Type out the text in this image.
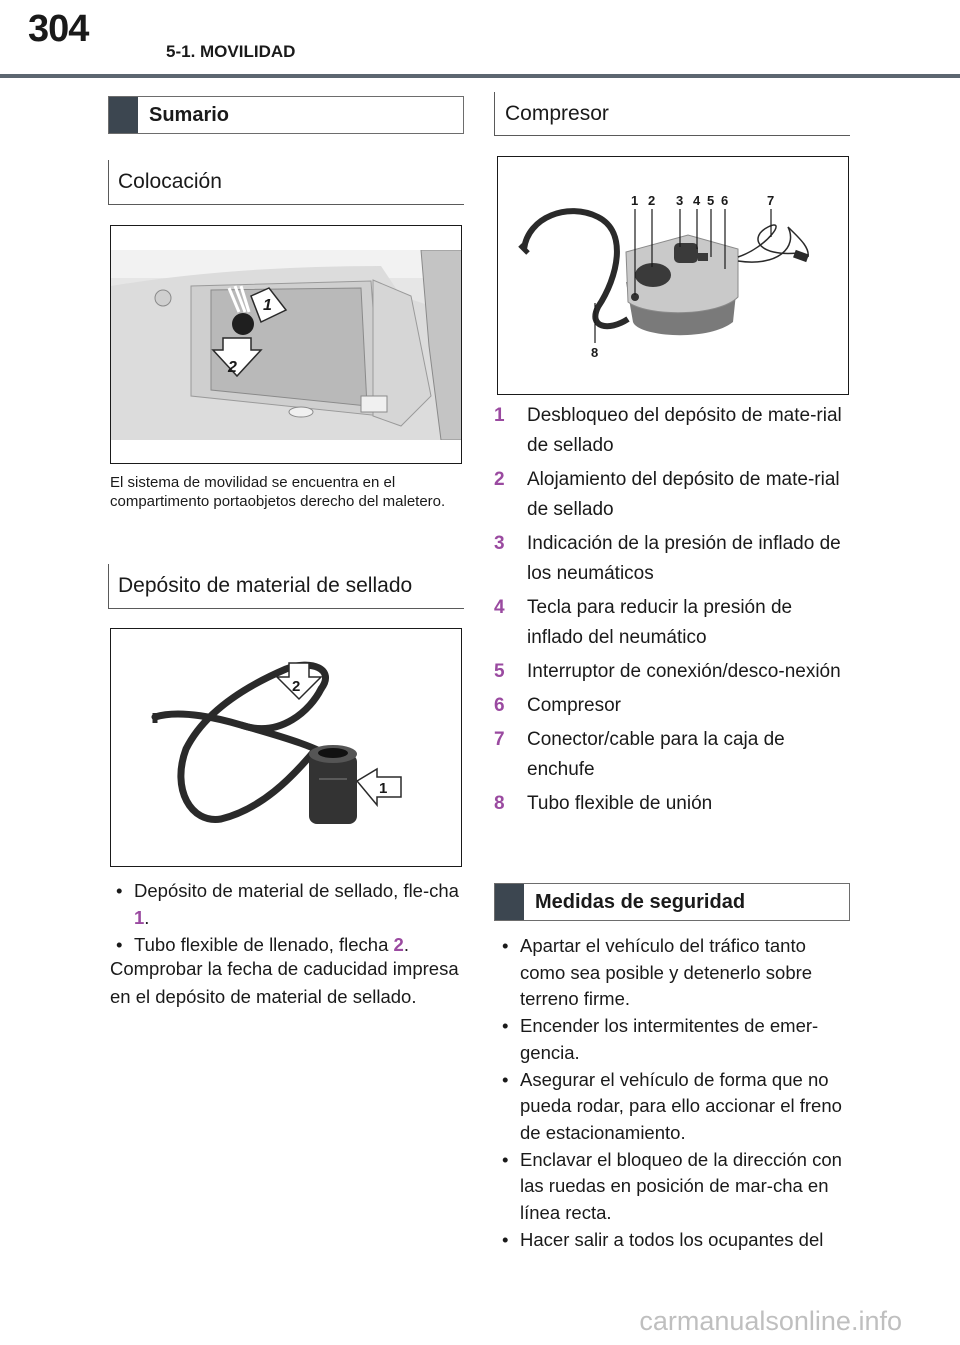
304
5-1. MOVILIDAD
Sumario
Colocación
1
2
El sistema de movilidad se encuentra en el compartimento portaobjetos derecho del maletero.
Depósito de material de sellado
2
1
• Depósito de material de sellado, fle-cha 1.
• Tubo flexible de llenado, flecha 2.
Comprobar la fecha de caducidad impresa en el depósito de material de sellado.
Compresor
1 2 3 4 5 6	7
8
1 Desbloqueo del depósito de mate-rial de sellado
2 Alojamiento del depósito de mate-rial de sellado
3 Indicación de la presión de inflado de los neumáticos
4 Tecla para reducir la presión de inflado del neumático
5 Interruptor de conexión/desco-nexión
6 Compresor
7 Conector/cable para la caja de enchufe
8 Tubo flexible de unión
Medidas de seguridad
• Apartar el vehículo del tráfico tanto como sea posible y detenerlo sobre terreno firme.
• Encender los intermitentes de emer-gencia.
• Asegurar el vehículo de forma que no pueda rodar, para ello accionar el freno de estacionamiento.
• Enclavar el bloqueo de la dirección con las ruedas en posición de mar-cha en línea recta.
• Hacer salir a todos los ocupantes del
carmanualsonline.info
